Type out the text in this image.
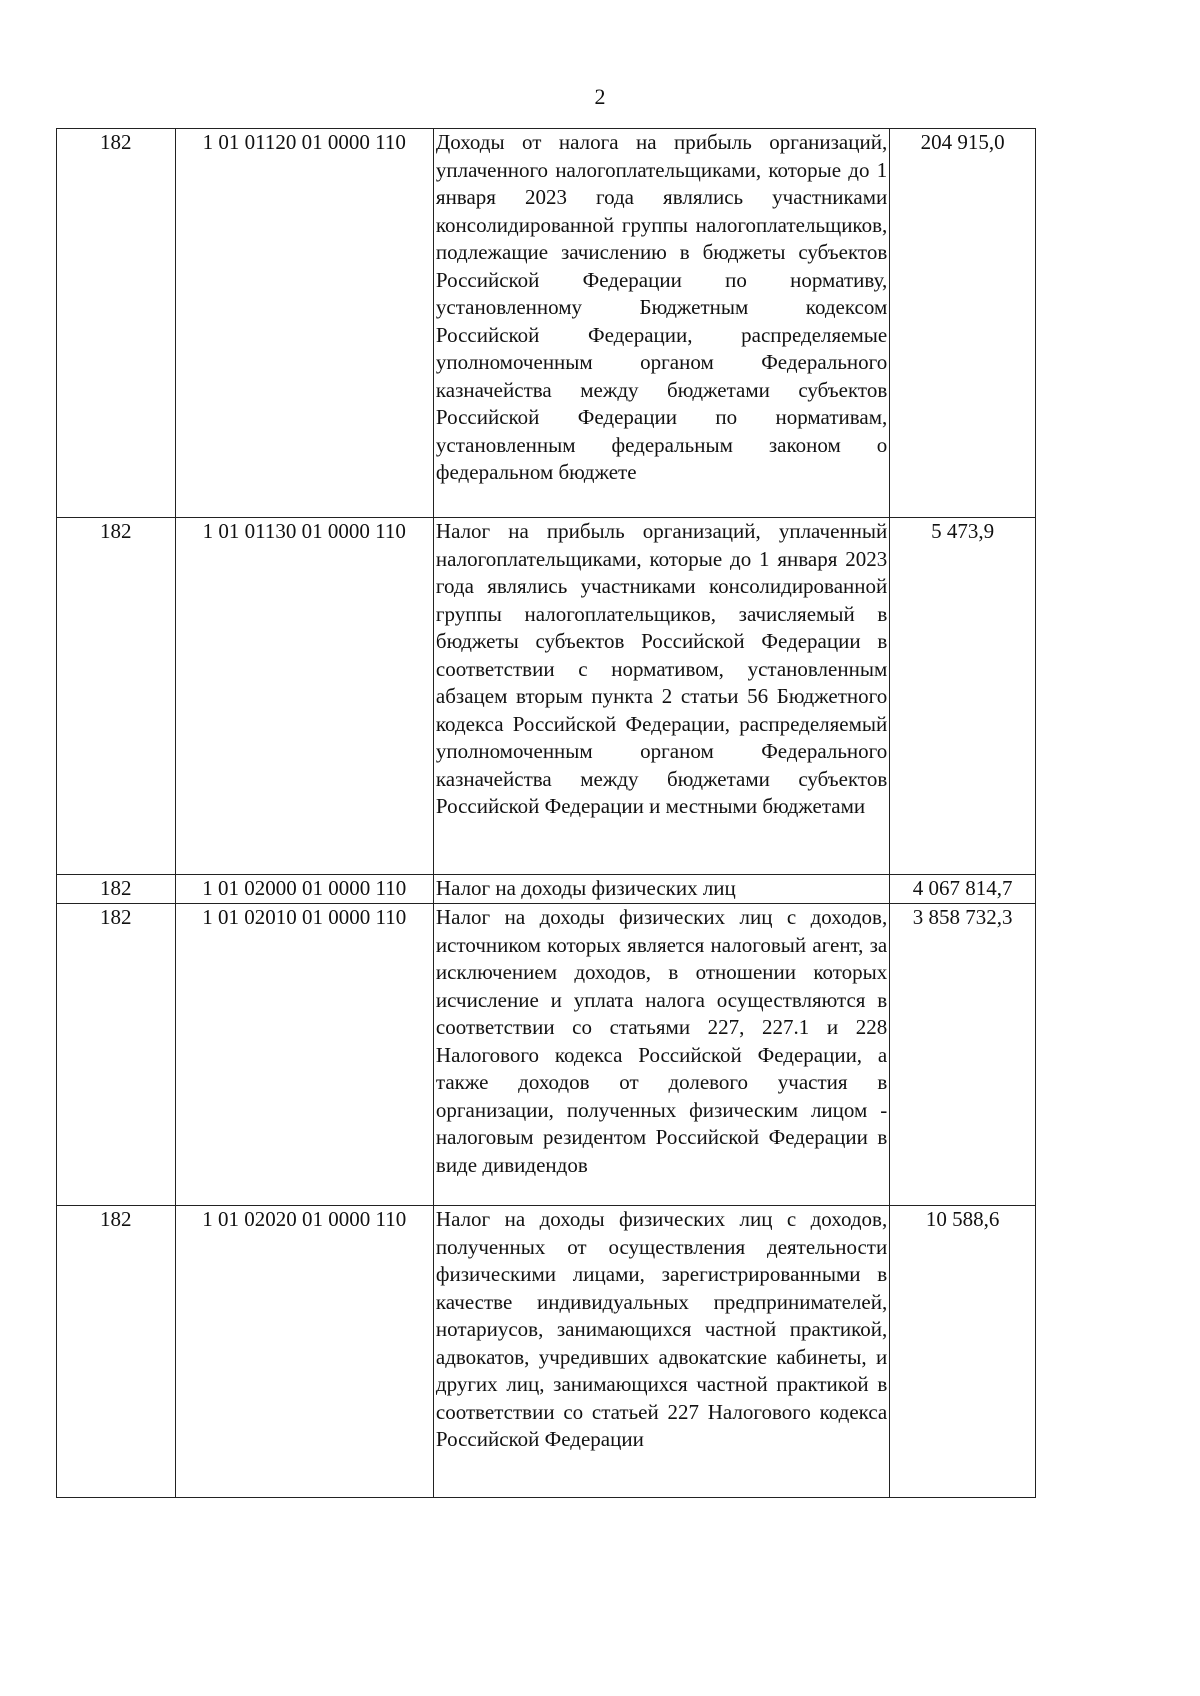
2
182	1 01 01120 01 0000 110	Доходы от налога на прибыль организаций, уплаченного налогоплательщиками, которые до 1 января 2023 года являлись участниками консолидированной группы налогоплательщиков, подлежащие зачислению в бюджеты субъектов Российской Федерации по нормативу, установленному Бюджетным кодексом Российской Федерации, распределяемые уполномоченным органом Федерального казначейства между бюджетами субъектов Российской Федерации по нормативам, установленным федеральным законом о федеральном бюджете	204 915,0
182	1 01 01130 01 0000 110	Налог на прибыль организаций, уплаченный налогоплательщиками, которые до 1 января 2023 года являлись участниками консолидированной группы налогоплательщиков, зачисляемый в бюджеты субъектов Российской Федерации в соответствии с нормативом, установленным абзацем вторым пункта 2 статьи 56 Бюджетного кодекса Российской Федерации, распределяемый уполномоченным органом Федерального казначейства между бюджетами субъектов Российской Федерации и местными бюджетами	5 473,9
182	1 01 02000 01 0000 110	Налог на доходы физических лиц	4 067 814,7
182	1 01 02010 01 0000 110	Налог на доходы физических лиц с доходов, источником которых является налоговый агент, за исключением доходов, в отношении которых исчисление и уплата налога осуществляются в соответствии со статьями 227, 227.1 и 228 Налогового кодекса Российской Федерации, а также доходов от долевого участия в организации, полученных физическим лицом - налоговым резидентом Российской Федерации в виде дивидендов	3 858 732,3
182	1 01 02020 01 0000 110	Налог на доходы физических лиц с доходов, полученных от осуществления деятельности физическими лицами, зарегистрированными в качестве индивидуальных предпринимателей, нотариусов, занимающихся частной практикой, адвокатов, учредивших адвокатские кабинеты, и других лиц, занимающихся частной практикой в соответствии со статьей 227 Налогового кодекса Российской Федерации	10 588,6
